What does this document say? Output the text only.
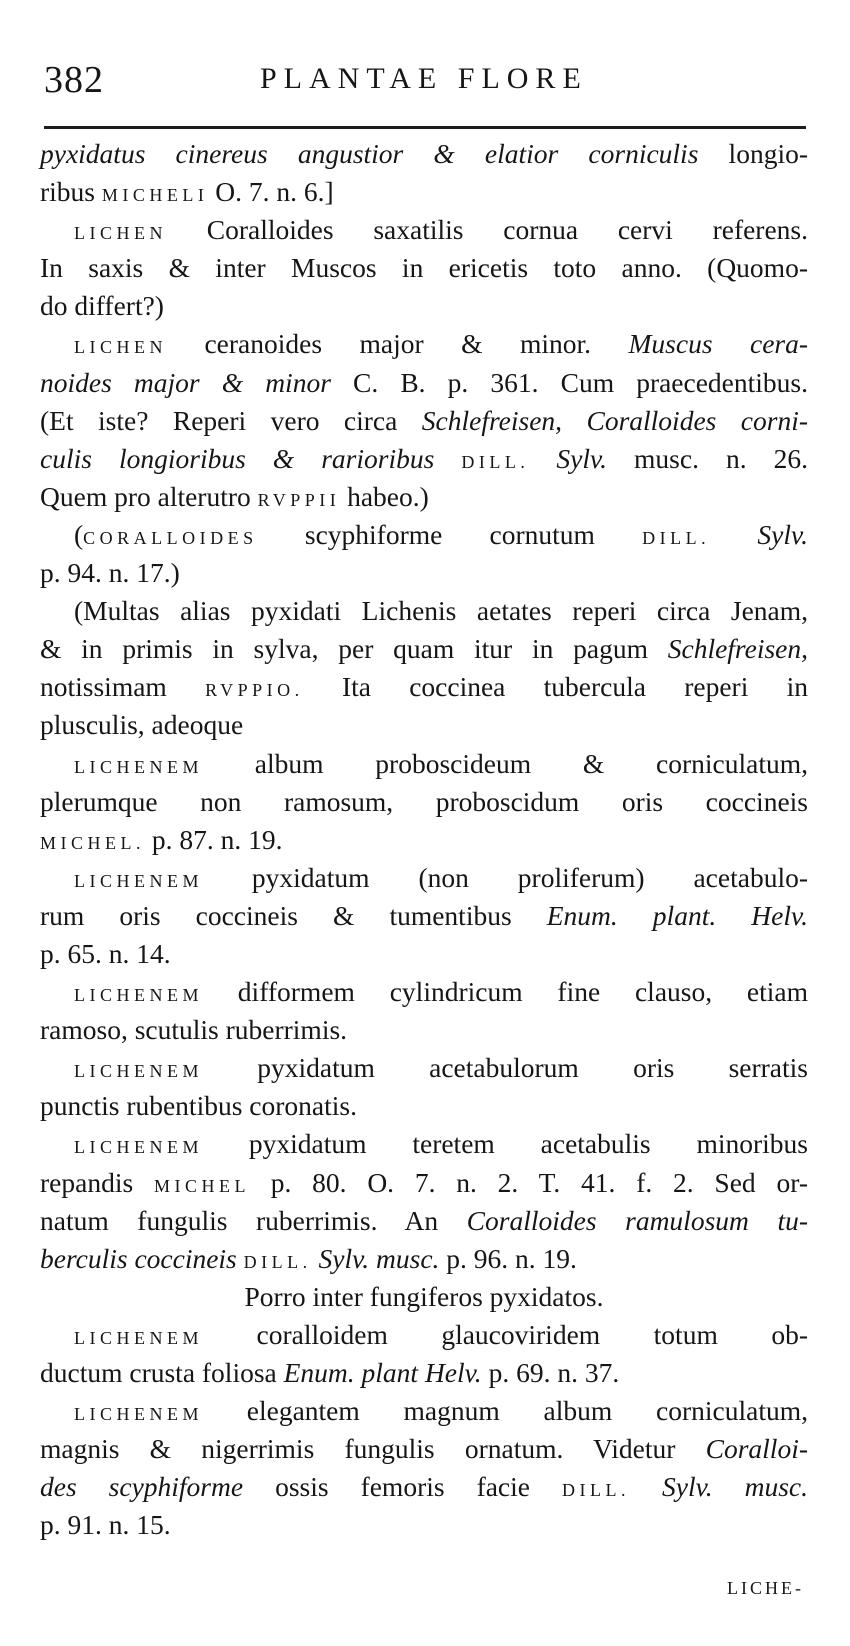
382	PLANTAE FLORE
pyxidatus cinereus angustior & elatior corniculis longio-
ribus MICHELI O. 7. n. 6.]
LICHEN Coralloides saxatilis cornua cervi referens.
In saxis & inter Muscos in ericetis toto anno. (Quomo-
do differt?)
LICHEN ceranoides major & minor. Muscus cera-
noides major & minor C. B. p. 361. Cum praecedentibus.
(Et iste? Reperi vero circa Schlefreisen, Coralloides corni-
culis longioribus & rarioribus DILL. Sylv. musc. n. 26.
Quem pro alterutro RVPPII habeo.)
(CORALLOIDES scyphiforme cornutum DILL. Sylv.
p. 94. n. 17.)
(Multas alias pyxidati Lichenis aetates reperi circa Jenam,
& in primis in sylva, per quam itur in pagum Schlefreisen,
notissimam RVPPIO. Ita coccinea tubercula reperi in
plusculis, adeoque
LICHENEM album proboscideum & corniculatum,
plerumque non ramosum, proboscidum oris coccineis
MICHEL. p. 87. n. 19.
LICHENEM pyxidatum (non proliferum) acetabulo-
rum oris coccineis & tumentibus Enum. plant. Helv.
p. 65. n. 14.
LICHENEM difformem cylindricum fine clauso, etiam
ramoso, scutulis ruberrimis.
LICHENEM pyxidatum acetabulorum oris serratis
punctis rubentibus coronatis.
LICHENEM pyxidatum teretem acetabulis minoribus
repandis MICHEL p. 80. O. 7. n. 2. T. 41. f. 2. Sed or-
natum fungulis ruberrimis. An Coralloides ramulosum tu-
berculis coccineis DILL. Sylv. musc. p. 96. n. 19.
Porro inter fungiferos pyxidatos.
LICHENEM coralloidem glaucoviridem totum ob-
ductum crusta foliosa Enum. plant Helv. p. 69. n. 37.
LICHENEM elegantem magnum album corniculatum,
magnis & nigerrimis fungulis ornatum. Videtur Coralloi-
des scyphiforme ossis femoris facie DILL. Sylv. musc.
p. 91. n. 15.
LICHE-
